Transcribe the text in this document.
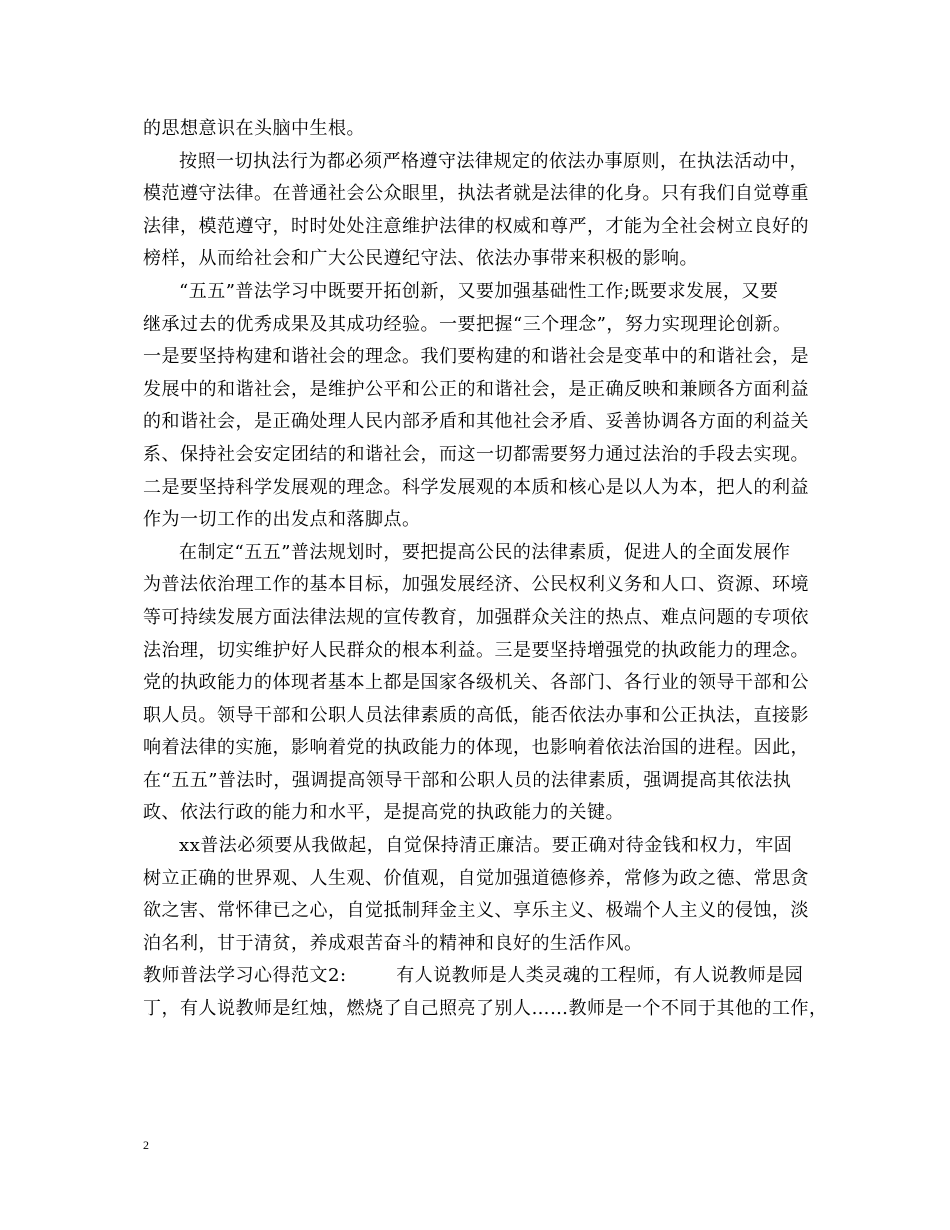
的思想意识在头脑中生根。
按照一切执法行为都必须严格遵守法律规定的依法办事原则，在执法活动中，
模范遵守法律。在普通社会公众眼里，执法者就是法律的化身。只有我们自觉尊重
法律，模范遵守，时时处处注意维护法律的权威和尊严，才能为全社会树立良好的
榜样，从而给社会和广大公民遵纪守法、依法办事带来积极的影响。
“五五”普法学习中既要开拓创新，又要加强基础性工作;既要求发展，又要
继承过去的优秀成果及其成功经验。一要把握“三个理念”，努力实现理论创新。
一是要坚持构建和谐社会的理念。我们要构建的和谐社会是变革中的和谐社会，是
发展中的和谐社会，是维护公平和公正的和谐社会，是正确反映和兼顾各方面利益
的和谐社会，是正确处理人民内部矛盾和其他社会矛盾、妥善协调各方面的利益关
系、保持社会安定团结的和谐社会，而这一切都需要努力通过法治的手段去实现。
二是要坚持科学发展观的理念。科学发展观的本质和核心是以人为本，把人的利益
作为一切工作的出发点和落脚点。
在制定“五五”普法规划时，要把提高公民的法律素质，促进人的全面发展作
为普法依治理工作的基本目标，加强发展经济、公民权利义务和人口、资源、环境
等可持续发展方面法律法规的宣传教育，加强群众关注的热点、难点问题的专项依
法治理，切实维护好人民群众的根本利益。三是要坚持增强党的执政能力的理念。
党的执政能力的体现者基本上都是国家各级机关、各部门、各行业的领导干部和公
职人员。领导干部和公职人员法律素质的高低，能否依法办事和公正执法，直接影
响着法律的实施，影响着党的执政能力的体现，也影响着依法治国的进程。因此，
在“五五”普法时，强调提高领导干部和公职人员的法律素质，强调提高其依法执
政、依法行政的能力和水平，是提高党的执政能力的关键。
xx普法必须要从我做起，自觉保持清正廉洁。要正确对待金钱和权力，牢固
树立正确的世界观、人生观、价值观，自觉加强道德修养，常修为政之德、常思贪
欲之害、常怀律已之心，自觉抵制拜金主义、享乐主义、极端个人主义的侵蚀，淡
泊名利，甘于清贫，养成艰苦奋斗的精神和良好的生活作风。
教师普法学习心得范文2:        有人说教师是人类灵魂的工程师，有人说教师是园
丁，有人说教师是红烛，燃烧了自己照亮了别人……教师是一个不同于其他的工作，
2
